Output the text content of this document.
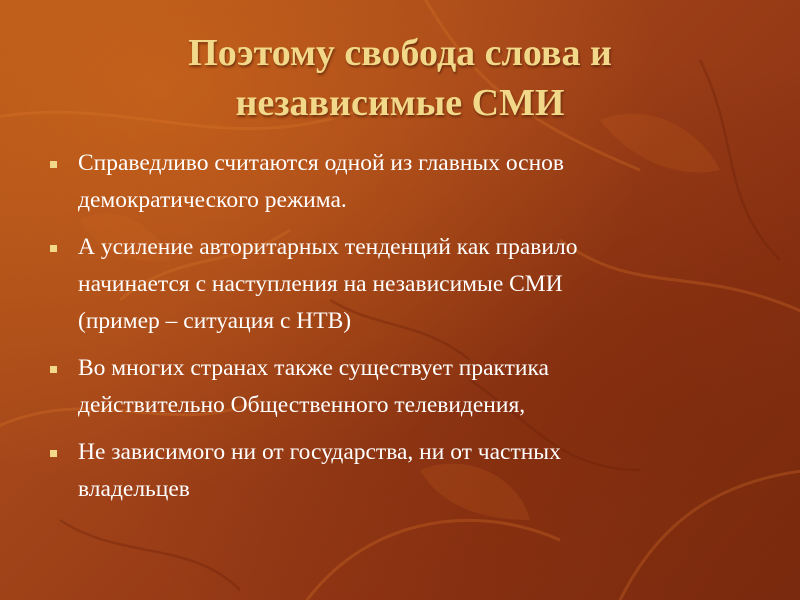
Поэтому свобода слова и
независимые СМИ
Справедливо считаются одной из главных основ
демократического режима.
А усиление авторитарных тенденций как правило
начинается с наступления на независимые СМИ
(пример – ситуация с НТВ)
Во многих странах также существует практика
действительно Общественного телевидения,
Не зависимого ни от государства, ни от частных
владельцев
